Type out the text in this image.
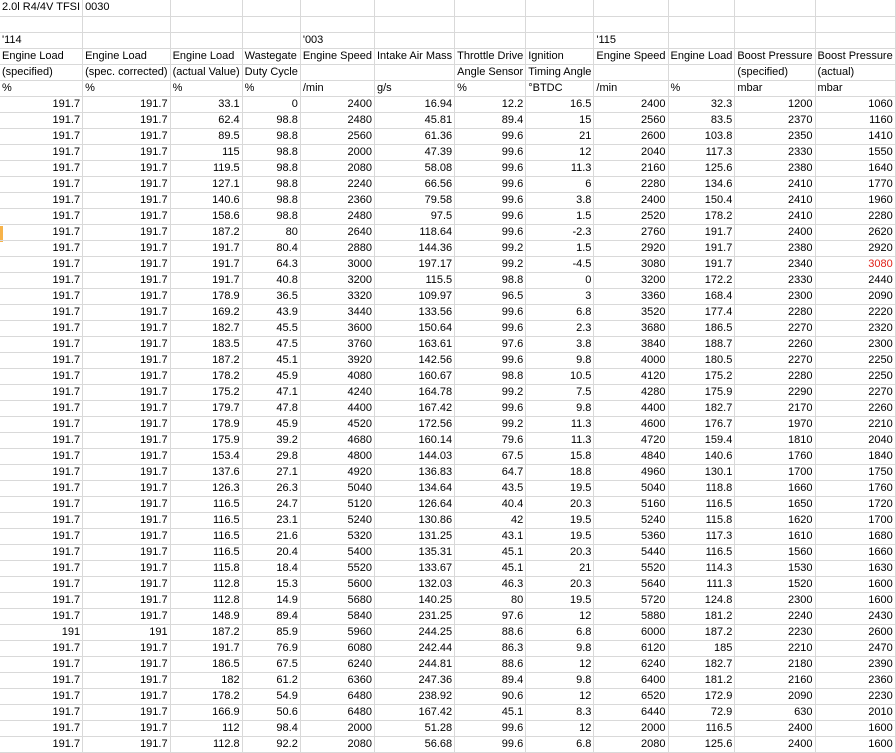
2.0l R4/4V TFSI	0030										

'114				'003				'115			
Engine Load	Engine Load	Engine Load	Wastegate	Engine Speed	Intake Air Mass	Throttle Drive	Ignition	Engine Speed	Engine Load	Boost Pressure	Boost Pressure
(specified)	(spec. corrected)	(actual Value)	Duty Cycle			Angle Sensor	Timing Angle			(specified)	(actual)
%	%	%	%	/min	g/s	%	°BTDC	/min	%	mbar	mbar
191.7	191.7	33.1	0	2400	16.94	12.2	16.5	2400	32.3	1200	1060
191.7	191.7	62.4	98.8	2480	45.81	89.4	15	2560	83.5	2370	1160
191.7	191.7	89.5	98.8	2560	61.36	99.6	21	2600	103.8	2350	1410
191.7	191.7	115	98.8	2000	47.39	99.6	12	2040	117.3	2330	1550
191.7	191.7	119.5	98.8	2080	58.08	99.6	11.3	2160	125.6	2380	1640
191.7	191.7	127.1	98.8	2240	66.56	99.6	6	2280	134.6	2410	1770
191.7	191.7	140.6	98.8	2360	79.58	99.6	3.8	2400	150.4	2410	1960
191.7	191.7	158.6	98.8	2480	97.5	99.6	1.5	2520	178.2	2410	2280
191.7	191.7	187.2	80	2640	118.64	99.6	-2.3	2760	191.7	2400	2620
191.7	191.7	191.7	80.4	2880	144.36	99.2	1.5	2920	191.7	2380	2920
191.7	191.7	191.7	64.3	3000	197.17	99.2	-4.5	3080	191.7	2340	3080
191.7	191.7	191.7	40.8	3200	115.5	98.8	0	3200	172.2	2330	2440
191.7	191.7	178.9	36.5	3320	109.97	96.5	3	3360	168.4	2300	2090
191.7	191.7	169.2	43.9	3440	133.56	99.6	6.8	3520	177.4	2280	2220
191.7	191.7	182.7	45.5	3600	150.64	99.6	2.3	3680	186.5	2270	2320
191.7	191.7	183.5	47.5	3760	163.61	97.6	3.8	3840	188.7	2260	2300
191.7	191.7	187.2	45.1	3920	142.56	99.6	9.8	4000	180.5	2270	2250
191.7	191.7	178.2	45.9	4080	160.67	98.8	10.5	4120	175.2	2280	2250
191.7	191.7	175.2	47.1	4240	164.78	99.2	7.5	4280	175.9	2290	2270
191.7	191.7	179.7	47.8	4400	167.42	99.6	9.8	4400	182.7	2170	2260
191.7	191.7	178.9	45.9	4520	172.56	99.2	11.3	4600	176.7	1970	2210
191.7	191.7	175.9	39.2	4680	160.14	79.6	11.3	4720	159.4	1810	2040
191.7	191.7	153.4	29.8	4800	144.03	67.5	15.8	4840	140.6	1760	1840
191.7	191.7	137.6	27.1	4920	136.83	64.7	18.8	4960	130.1	1700	1750
191.7	191.7	126.3	26.3	5040	134.64	43.5	19.5	5040	118.8	1660	1760
191.7	191.7	116.5	24.7	5120	126.64	40.4	20.3	5160	116.5	1650	1720
191.7	191.7	116.5	23.1	5240	130.86	42	19.5	5240	115.8	1620	1700
191.7	191.7	116.5	21.6	5320	131.25	43.1	19.5	5360	117.3	1610	1680
191.7	191.7	116.5	20.4	5400	135.31	45.1	20.3	5440	116.5	1560	1660
191.7	191.7	115.8	18.4	5520	133.67	45.1	21	5520	114.3	1530	1630
191.7	191.7	112.8	15.3	5600	132.03	46.3	20.3	5640	111.3	1520	1600
191.7	191.7	112.8	14.9	5680	140.25	80	19.5	5720	124.8	2300	1600
191.7	191.7	148.9	89.4	5840	231.25	97.6	12	5880	181.2	2240	2430
191	191	187.2	85.9	5960	244.25	88.6	6.8	6000	187.2	2230	2600
191.7	191.7	191.7	76.9	6080	242.44	86.3	9.8	6120	185	2210	2470
191.7	191.7	186.5	67.5	6240	244.81	88.6	12	6240	182.7	2180	2390
191.7	191.7	182	61.2	6360	247.36	89.4	9.8	6400	181.2	2160	2360
191.7	191.7	178.2	54.9	6480	238.92	90.6	12	6520	172.9	2090	2230
191.7	191.7	166.9	50.6	6480	167.42	45.1	8.3	6440	72.9	630	2010
191.7	191.7	112	98.4	2000	51.28	99.6	12	2000	116.5	2400	1600
191.7	191.7	112.8	92.2	2080	56.68	99.6	6.8	2080	125.6	2400	1600
